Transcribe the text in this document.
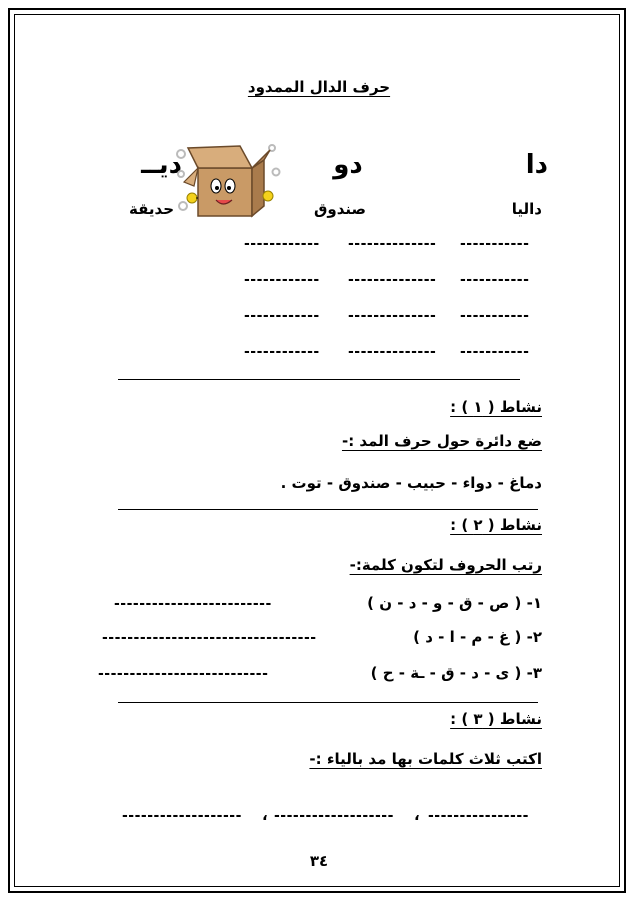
حرف الدال الممدود
دا
داليا
دو
صندوق
ديــ
حديقة
-----------
--------------
------------
-----------
--------------
------------
-----------
--------------
------------
-----------
--------------
------------
نشاط ( ١ ) :
ضع دائرة حول حرف المد :-
دماغ - دواء - حبيب - صندوق - توت .
نشاط ( ٢ ) :
رتب الحروف لتكون كلمة:-
١- ( ص - ق - و - د - ن )
-------------------------
٢- ( غ - م - ا - د )
----------------------------------
٣- ( ى - د - ق - ـة - ح )
---------------------------
نشاط ( ٣ ) :
اكتب ثلاث كلمات بها مد بالياء :-
----------------
،
-------------------
،
-------------------
٣٤
